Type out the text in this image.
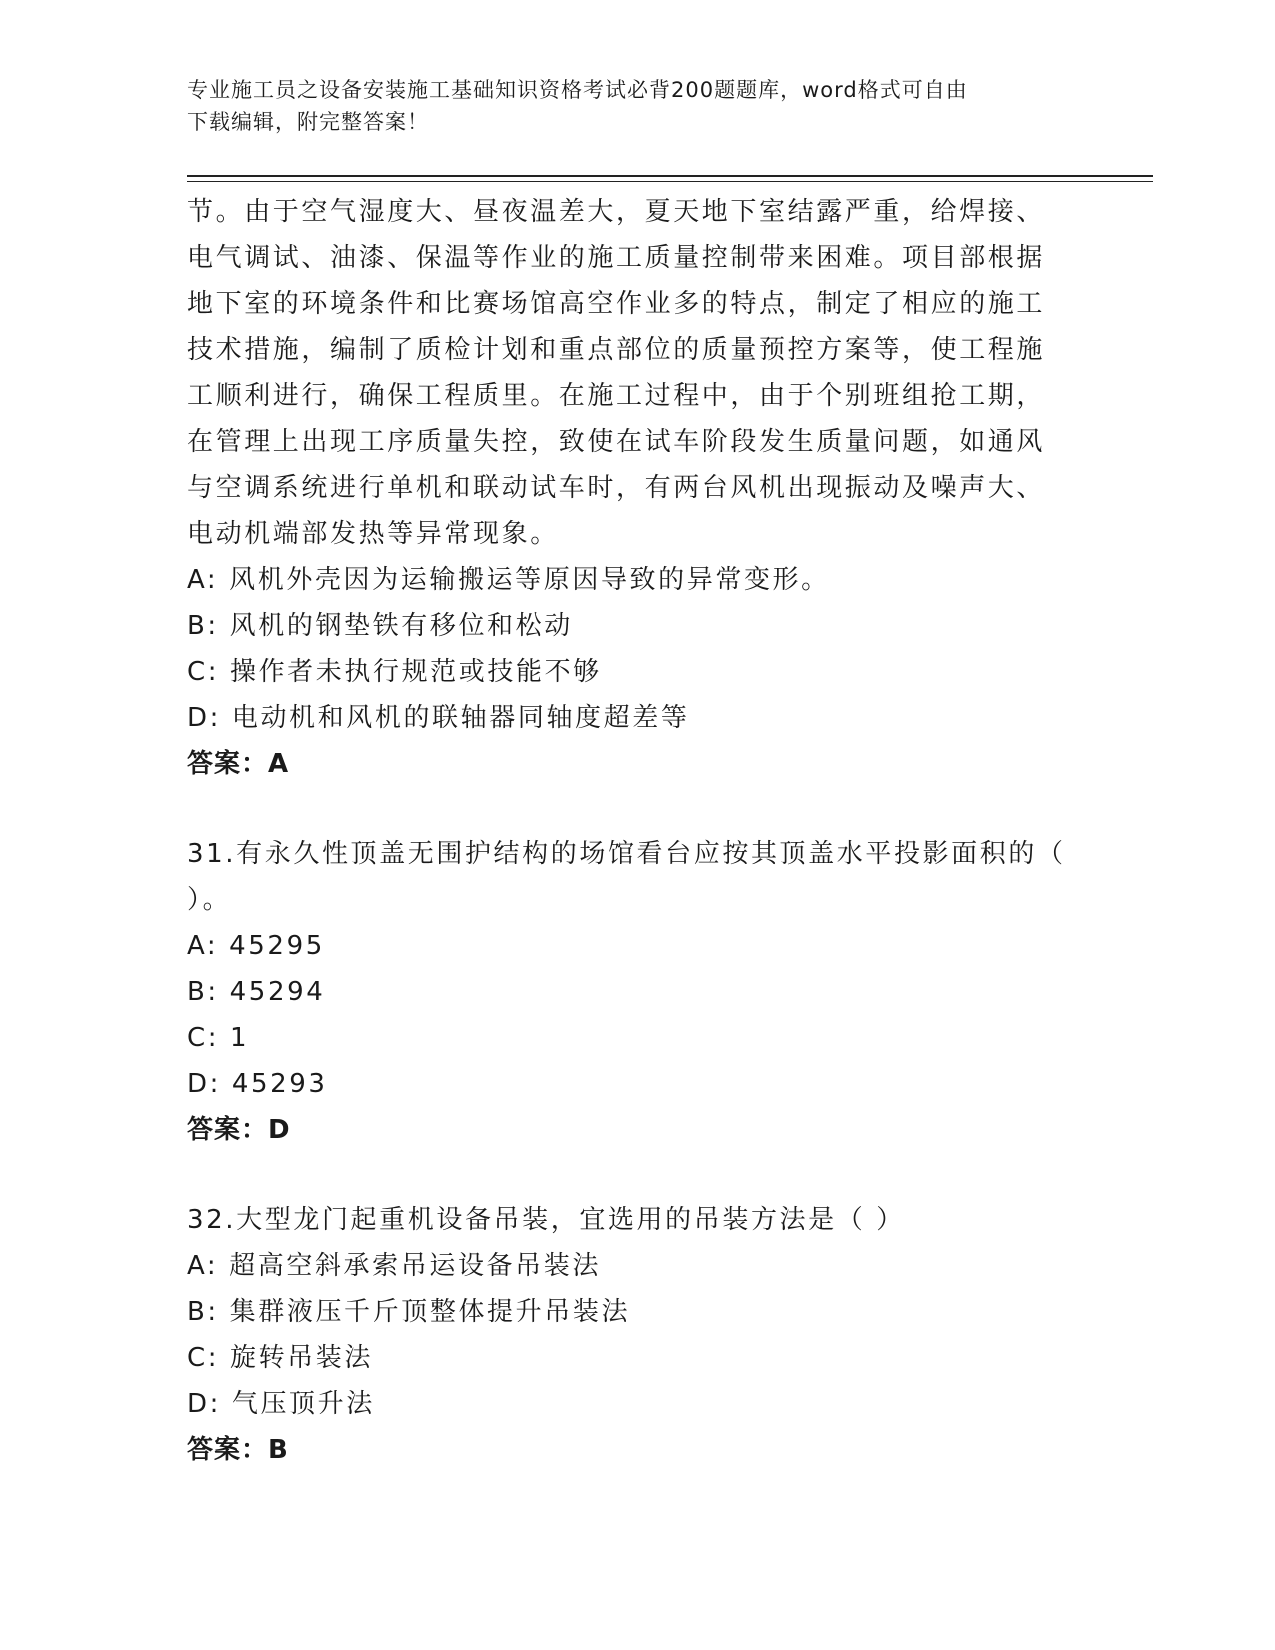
专业施工员之设备安装施工基础知识资格考试必背200题题库，word格式可自由
下载编辑，附完整答案！
节。由于空气湿度大、昼夜温差大，夏天地下室结露严重，给焊接、
电气调试、油漆、保温等作业的施工质量控制带来困难。项目部根据
地下室的环境条件和比赛场馆高空作业多的特点，制定了相应的施工
技术措施，编制了质检计划和重点部位的质量预控方案等，使工程施
工顺利进行，确保工程质里。在施工过程中，由于个别班组抢工期，
在管理上出现工序质量失控，致使在试车阶段发生质量问题，如通风
与空调系统进行单机和联动试车时，有两台风机出现振动及噪声大、
电动机端部发热等异常现象。
A: 风机外壳因为运输搬运等原因导致的异常变形。
B: 风机的钢垫铁有移位和松动
C: 操作者未执行规范或技能不够
D: 电动机和风机的联轴器同轴度超差等
答案：A
31.有永久性顶盖无围护结构的场馆看台应按其顶盖水平投影面积的（
）。
A: 45295
B: 45294
C: 1
D: 45293
答案：D
32.大型龙门起重机设备吊装，宜选用的吊装方法是（ ）
A: 超高空斜承索吊运设备吊装法
B: 集群液压千斤顶整体提升吊装法
C: 旋转吊装法
D: 气压顶升法
答案：B
